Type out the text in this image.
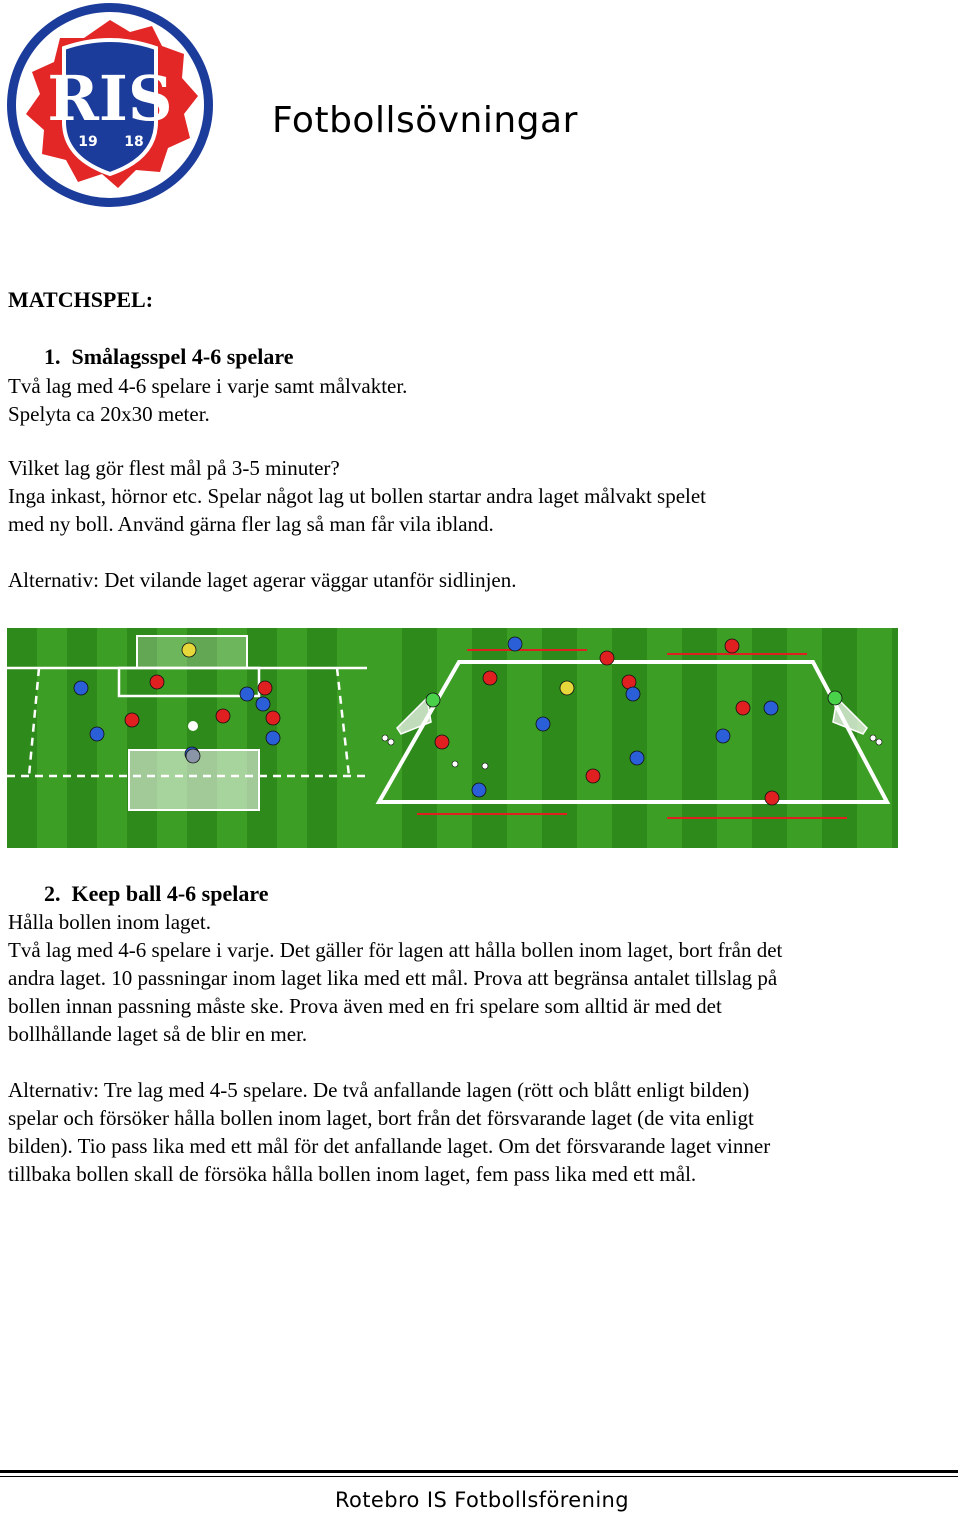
RIS
19 18
Fotbollsövningar
MATCHSPEL:
1. Smålagsspel 4-6 spelare
Två lag med 4-6 spelare i varje samt målvakter.
Spelyta ca 20x30 meter.
Vilket lag gör flest mål på 3-5 minuter?
Inga inkast, hörnor etc. Spelar något lag ut bollen startar andra laget målvakt spelet
med ny boll. Använd gärna fler lag så man får vila ibland.
Alternativ: Det vilande laget agerar väggar utanför sidlinjen.
2. Keep ball 4-6 spelare
Hålla bollen inom laget.
Två lag med 4-6 spelare i varje. Det gäller för lagen att hålla bollen inom laget, bort från det
andra laget. 10 passningar inom laget lika med ett mål. Prova att begränsa antalet tillslag på
bollen innan passning måste ske. Prova även med en fri spelare som alltid är med det
bollhållande laget så de blir en mer.
Alternativ: Tre lag med 4-5 spelare. De två anfallande lagen (rött och blått enligt bilden)
spelar och försöker hålla bollen inom laget, bort från det försvarande laget (de vita enligt
bilden). Tio pass lika med ett mål för det anfallande laget. Om det försvarande laget vinner
tillbaka bollen skall de försöka hålla bollen inom laget, fem pass lika med ett mål.
Rotebro IS Fotbollsförening
